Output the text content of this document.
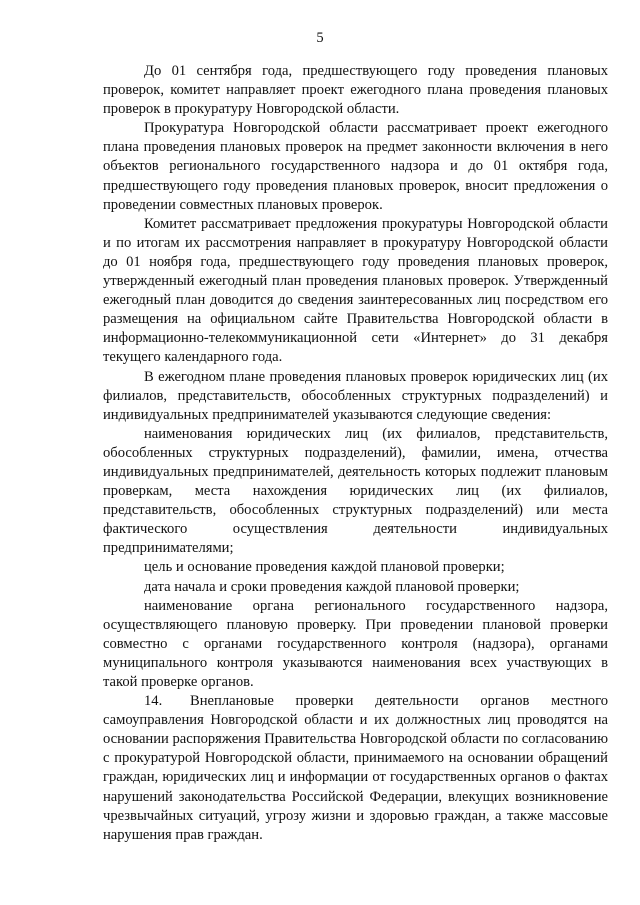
5

До 01 сентября года, предшествующего году проведения плановых проверок, комитет направляет проект ежегодного плана проведения плановых проверок в прокуратуру Новгородской области.

Прокуратура Новгородской области рассматривает проект ежегодного плана проведения плановых проверок на предмет законности включения в него объектов регионального государственного надзора и до 01 октября года, предшествующего году проведения плановых проверок, вносит предложения о проведении совместных плановых проверок.

Комитет рассматривает предложения прокуратуры Новгородской области и по итогам их рассмотрения направляет в прокуратуру Новгородской области до 01 ноября года, предшествующего году проведения плановых проверок, утвержденный ежегодный план проведения плановых проверок. Утвержденный ежегодный план доводится до сведения заинтересованных лиц посредством его размещения на официальном сайте Правительства Новгородской области в информационно-телекоммуникационной сети «Интернет» до 31 декабря текущего календарного года.

В ежегодном плане проведения плановых проверок юридических лиц (их филиалов, представительств, обособленных структурных подразделений) и индивидуальных предпринимателей указываются следующие сведения:

наименования юридических лиц (их филиалов, представительств, обособленных структурных подразделений), фамилии, имена, отчества индивидуальных предпринимателей, деятельность которых подлежит плановым проверкам, места нахождения юридических лиц (их филиалов, представительств, обособленных структурных подразделений) или места фактического осуществления деятельности индивидуальных предпринимателями;

цель и основание проведения каждой плановой проверки;

дата начала и сроки проведения каждой плановой проверки;

наименование органа регионального государственного надзора, осуществляющего плановую проверку. При проведении плановой проверки совместно с органами государственного контроля (надзора), органами муниципального контроля указываются наименования всех участвующих в такой проверке органов.

14. Внеплановые проверки деятельности органов местного самоуправления Новгородской области и их должностных лиц проводятся на основании распоряжения Правительства Новгородской области по согласованию с прокуратурой Новгородской области, принимаемого на основании обращений граждан, юридических лиц и информации от государственных органов о фактах нарушений законодательства Российской Федерации, влекущих возникновение чрезвычайных ситуаций, угрозу жизни и здоровью граждан, а также массовые нарушения прав граждан.
